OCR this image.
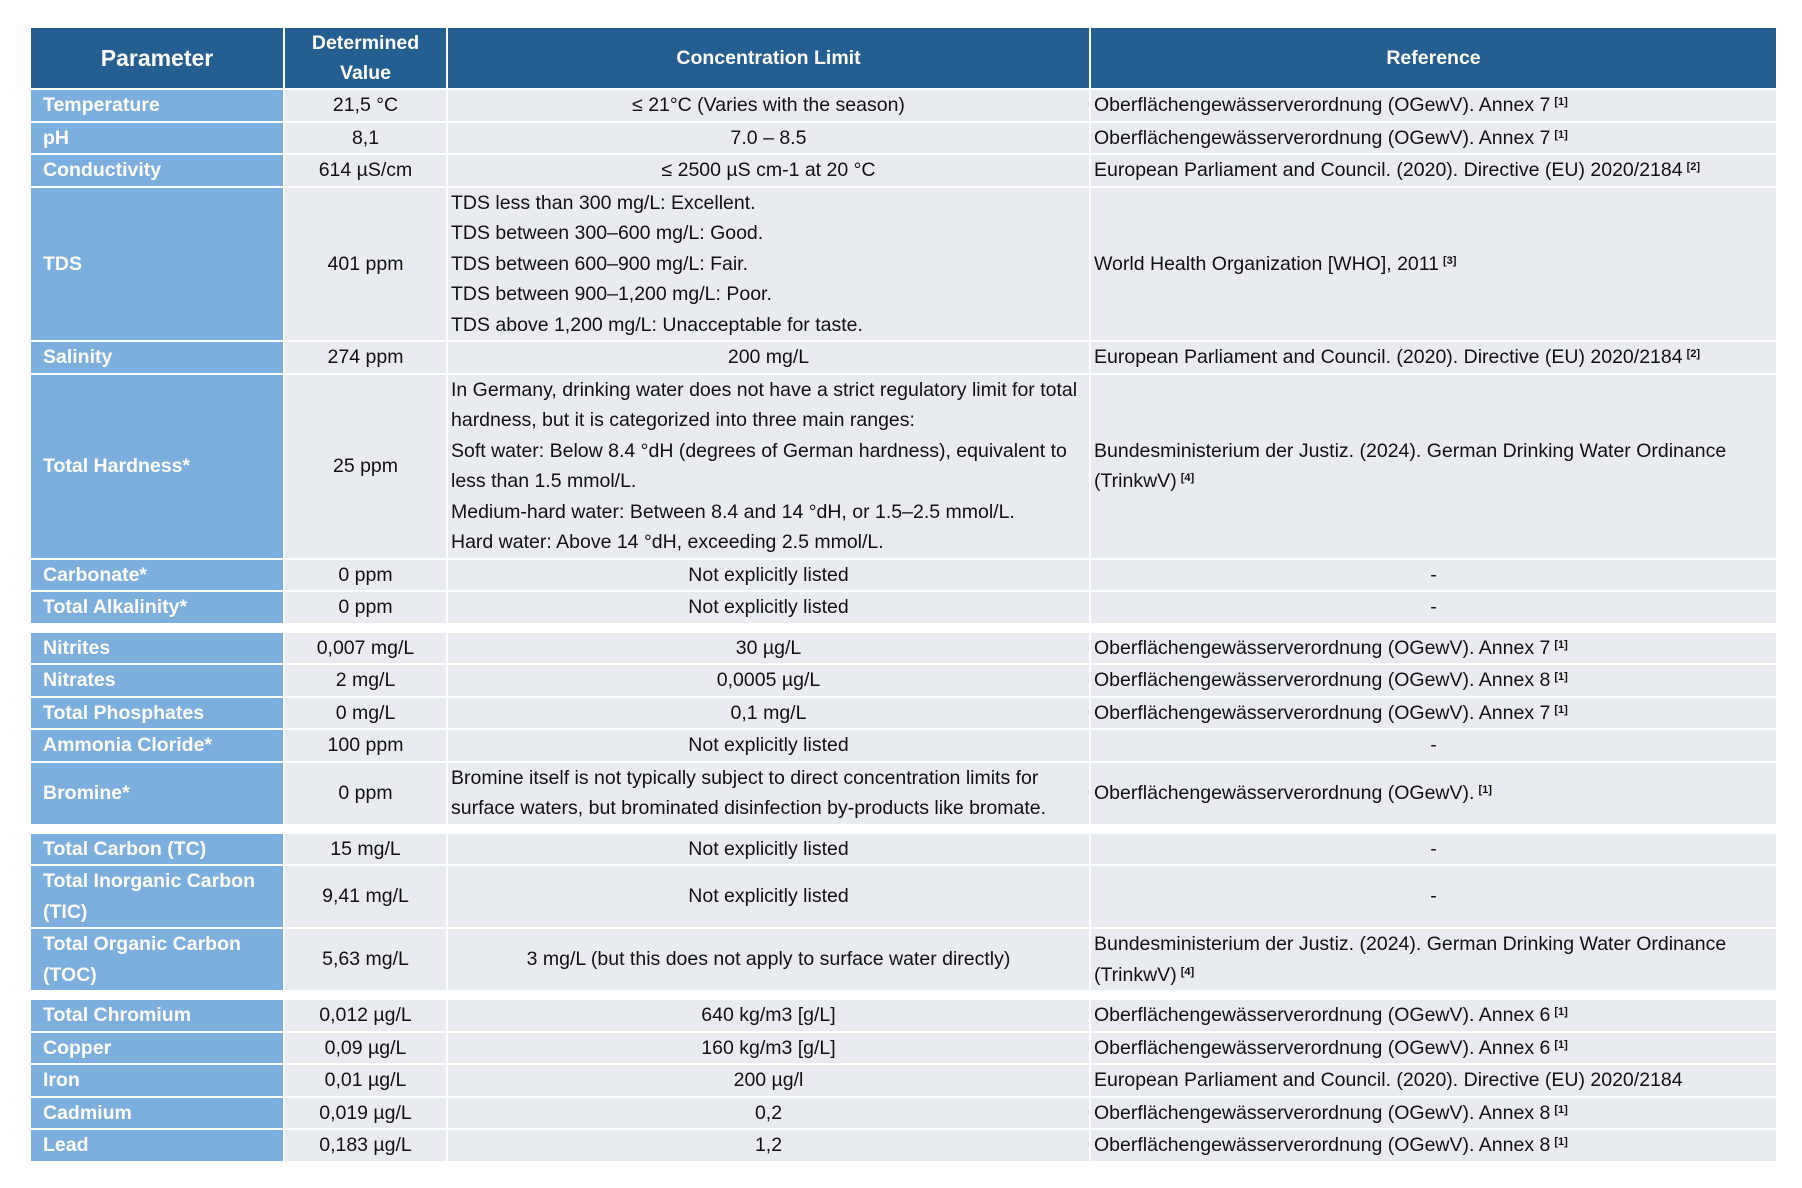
Parameter	Determined Value	Concentration Limit	Reference
Temperature	21,5 °C	≤ 21°C (Varies with the season)	Oberflächengewässerverordnung (OGewV). Annex 7 [1]
pH	8,1	7.0 – 8.5	Oberflächengewässerverordnung (OGewV). Annex 7 [1]
Conductivity	614 µS/cm	≤ 2500 µS cm-1 at 20 °C	European Parliament and Council. (2020). Directive (EU) 2020/2184 [2]
TDS	401 ppm	TDS less than 300 mg/L: Excellent.
TDS between 300–600 mg/L: Good.
TDS between 600–900 mg/L: Fair.
TDS between 900–1,200 mg/L: Poor.
TDS above 1,200 mg/L: Unacceptable for taste.	World Health Organization [WHO], 2011 [3]
Salinity	274 ppm	200 mg/L	European Parliament and Council. (2020). Directive (EU) 2020/2184 [2]
Total Hardness*	25 ppm	In Germany, drinking water does not have a strict regulatory limit for total hardness, but it is categorized into three main ranges:
Soft water: Below 8.4 °dH (degrees of German hardness), equivalent to less than 1.5 mmol/L.
Medium-hard water: Between 8.4 and 14 °dH, or 1.5–2.5 mmol/L.
Hard water: Above 14 °dH, exceeding 2.5 mmol/L.	Bundesministerium der Justiz. (2024). German Drinking Water Ordinance (TrinkwV) [4]
Carbonate*	0 ppm	Not explicitly listed	-
Total Alkalinity*	0 ppm	Not explicitly listed	-

Nitrites	0,007 mg/L	30 µg/L	Oberflächengewässerverordnung (OGewV). Annex 7 [1]
Nitrates	2 mg/L	0,0005 µg/L	Oberflächengewässerverordnung (OGewV). Annex 8 [1]
Total Phosphates	0 mg/L	0,1 mg/L	Oberflächengewässerverordnung (OGewV). Annex 7 [1]
Ammonia Cloride*	100 ppm	Not explicitly listed	-
Bromine*	0 ppm	Bromine itself is not typically subject to direct concentration limits for surface waters, but brominated disinfection by-products like bromate.	Oberflächengewässerverordnung (OGewV). [1]

Total Carbon (TC)	15 mg/L	Not explicitly listed	-
Total Inorganic Carbon (TIC)	9,41 mg/L	Not explicitly listed	-
Total Organic Carbon (TOC)	5,63 mg/L	3 mg/L (but this does not apply to surface water directly)	Bundesministerium der Justiz. (2024). German Drinking Water Ordinance (TrinkwV) [4]

Total Chromium	0,012 µg/L	640 kg/m3 [g/L]	Oberflächengewässerverordnung (OGewV). Annex 6 [1]
Copper	0,09 µg/L	160 kg/m3 [g/L]	Oberflächengewässerverordnung (OGewV). Annex 6 [1]
Iron	0,01 µg/L	200 µg/l	European Parliament and Council. (2020). Directive (EU) 2020/2184
Cadmium	0,019 µg/L	0,2	Oberflächengewässerverordnung (OGewV). Annex 8 [1]
Lead	0,183 µg/L	1,2	Oberflächengewässerverordnung (OGewV). Annex 8 [1]
